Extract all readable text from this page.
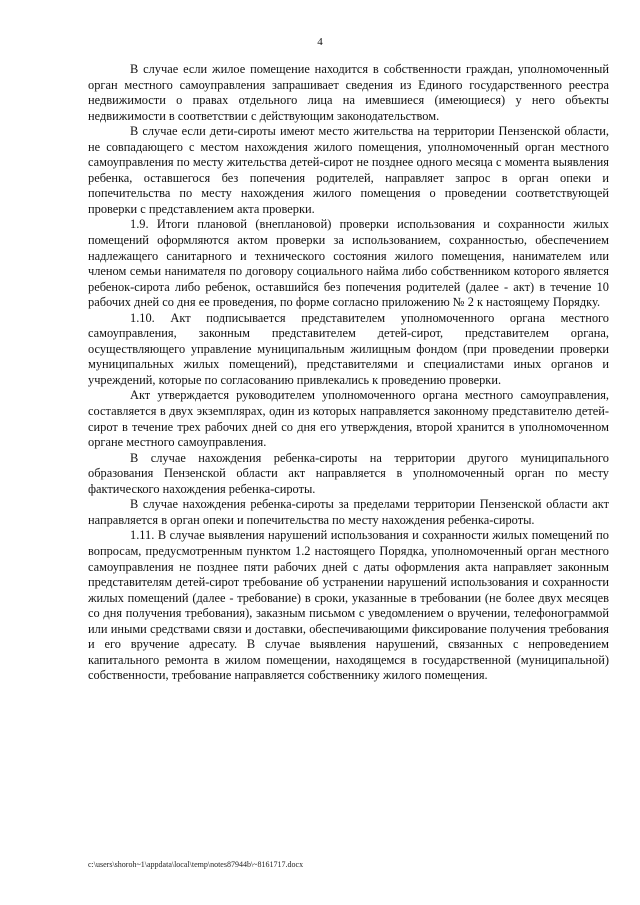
4

В случае если жилое помещение находится в собственности граждан, уполномоченный орган местного самоуправления запрашивает сведения из Единого государственного реестра недвижимости о правах отдельного лица на имевшиеся (имеющиеся) у него объекты недвижимости в соответствии с действующим законодательством.

В случае если дети-сироты имеют место жительства на территории Пензенской области, не совпадающего с местом нахождения жилого помещения, уполномоченный орган местного самоуправления по месту жительства детей-сирот не позднее одного месяца с момента выявления ребенка, оставшегося без попечения родителей, направляет запрос в орган опеки и попечительства по месту нахождения жилого помещения о проведении соответствующей проверки с представлением акта проверки.

1.9. Итоги плановой (внеплановой) проверки использования и сохранности жилых помещений оформляются актом проверки за использованием, сохранностью, обеспечением надлежащего санитарного и технического состояния жилого помещения, нанимателем или членом семьи нанимателя по договору социального найма либо собственником которого является ребенок-сирота либо ребенок, оставшийся без попечения родителей (далее - акт) в течение 10 рабочих дней со дня ее проведения, по форме согласно приложению № 2 к настоящему Порядку.

1.10. Акт подписывается представителем уполномоченного органа местного самоуправления, законным представителем детей-сирот, представителем органа, осуществляющего управление муниципальным жилищным фондом (при проведении проверки муниципальных жилых помещений), представителями и специалистами иных органов и учреждений, которые по согласованию привлекались к проведению проверки.

Акт утверждается руководителем уполномоченного органа местного самоуправления, составляется в двух экземплярах, один из которых направляется законному представителю детей-сирот в течение трех рабочих дней со дня его утверждения, второй хранится в уполномоченном органе местного самоуправления.

В случае нахождения ребенка-сироты на территории другого муниципального образования Пензенской области акт направляется в уполномоченный орган по месту фактического нахождения ребенка-сироты.

В случае нахождения ребенка-сироты за пределами территории Пензенской области акт направляется в орган опеки и попечительства по месту нахождения ребенка-сироты.

1.11. В случае выявления нарушений использования и сохранности жилых помещений по вопросам, предусмотренным пунктом 1.2 настоящего Порядка, уполномоченный орган местного самоуправления не позднее пяти рабочих дней с даты оформления акта направляет законным представителям детей-сирот требование об устранении нарушений использования и сохранности жилых помещений (далее - требование) в сроки, указанные в требовании (не более двух месяцев со дня получения требования), заказным письмом с уведомлением о вручении, телефонограммой или иными средствами связи и доставки, обеспечивающими фиксирование получения требования и его вручение адресату. В случае выявления нарушений, связанных с непроведением капитального ремонта в жилом помещении, находящемся в государственной (муниципальной) собственности, требование направляется собственнику жилого помещения.

c:\users\shoroh~1\appdata\local\temp\notes87944b\~8161717.docx
